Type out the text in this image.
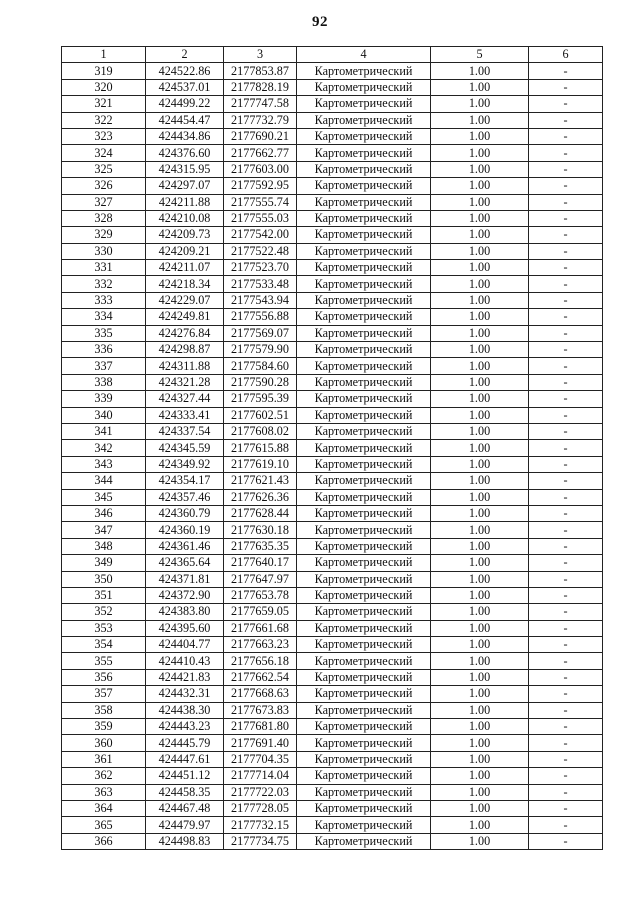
92
1	2	3	4	5	6
319	424522.86	2177853.87	Картометрический	1.00	-
320	424537.01	2177828.19	Картометрический	1.00	-
321	424499.22	2177747.58	Картометрический	1.00	-
322	424454.47	2177732.79	Картометрический	1.00	-
323	424434.86	2177690.21	Картометрический	1.00	-
324	424376.60	2177662.77	Картометрический	1.00	-
325	424315.95	2177603.00	Картометрический	1.00	-
326	424297.07	2177592.95	Картометрический	1.00	-
327	424211.88	2177555.74	Картометрический	1.00	-
328	424210.08	2177555.03	Картометрический	1.00	-
329	424209.73	2177542.00	Картометрический	1.00	-
330	424209.21	2177522.48	Картометрический	1.00	-
331	424211.07	2177523.70	Картометрический	1.00	-
332	424218.34	2177533.48	Картометрический	1.00	-
333	424229.07	2177543.94	Картометрический	1.00	-
334	424249.81	2177556.88	Картометрический	1.00	-
335	424276.84	2177569.07	Картометрический	1.00	-
336	424298.87	2177579.90	Картометрический	1.00	-
337	424311.88	2177584.60	Картометрический	1.00	-
338	424321.28	2177590.28	Картометрический	1.00	-
339	424327.44	2177595.39	Картометрический	1.00	-
340	424333.41	2177602.51	Картометрический	1.00	-
341	424337.54	2177608.02	Картометрический	1.00	-
342	424345.59	2177615.88	Картометрический	1.00	-
343	424349.92	2177619.10	Картометрический	1.00	-
344	424354.17	2177621.43	Картометрический	1.00	-
345	424357.46	2177626.36	Картометрический	1.00	-
346	424360.79	2177628.44	Картометрический	1.00	-
347	424360.19	2177630.18	Картометрический	1.00	-
348	424361.46	2177635.35	Картометрический	1.00	-
349	424365.64	2177640.17	Картометрический	1.00	-
350	424371.81	2177647.97	Картометрический	1.00	-
351	424372.90	2177653.78	Картометрический	1.00	-
352	424383.80	2177659.05	Картометрический	1.00	-
353	424395.60	2177661.68	Картометрический	1.00	-
354	424404.77	2177663.23	Картометрический	1.00	-
355	424410.43	2177656.18	Картометрический	1.00	-
356	424421.83	2177662.54	Картометрический	1.00	-
357	424432.31	2177668.63	Картометрический	1.00	-
358	424438.30	2177673.83	Картометрический	1.00	-
359	424443.23	2177681.80	Картометрический	1.00	-
360	424445.79	2177691.40	Картометрический	1.00	-
361	424447.61	2177704.35	Картометрический	1.00	-
362	424451.12	2177714.04	Картометрический	1.00	-
363	424458.35	2177722.03	Картометрический	1.00	-
364	424467.48	2177728.05	Картометрический	1.00	-
365	424479.97	2177732.15	Картометрический	1.00	-
366	424498.83	2177734.75	Картометрический	1.00	-
